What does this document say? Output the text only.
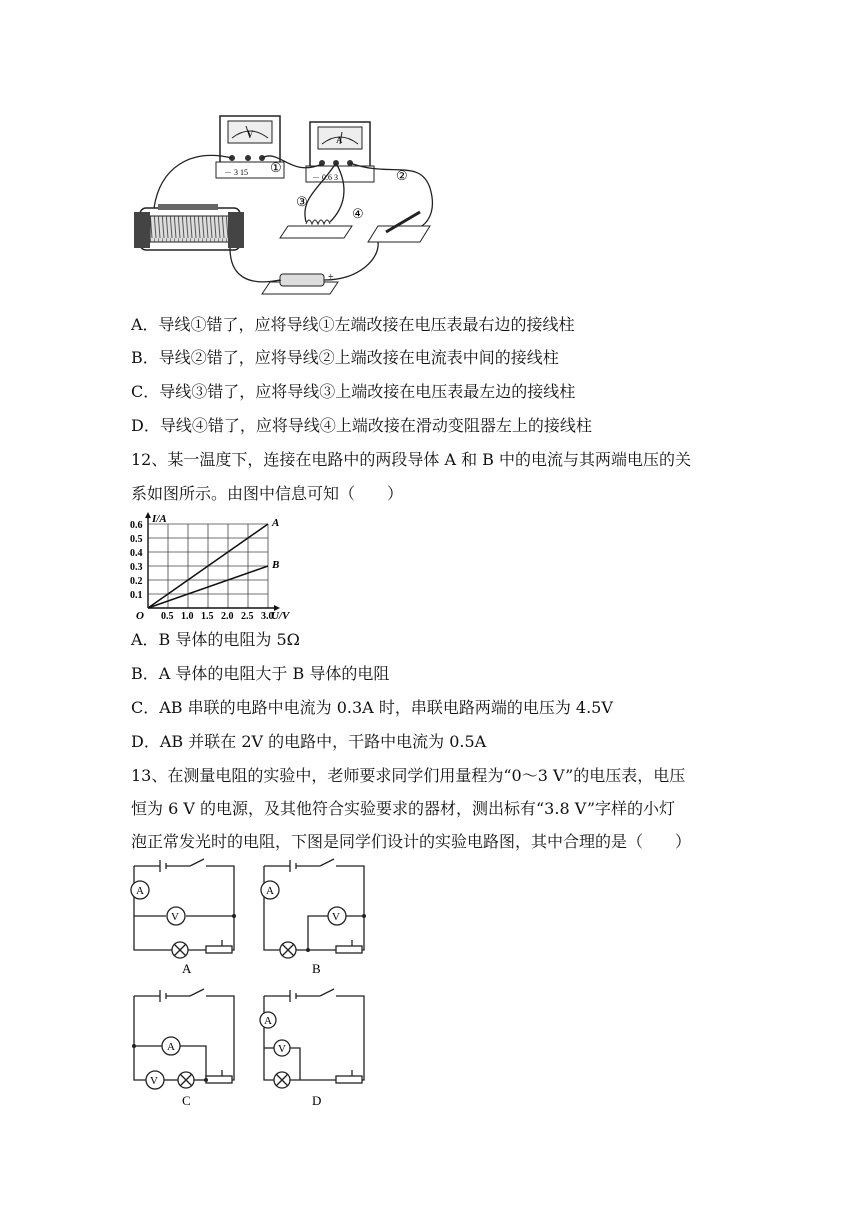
V
－ 3 15
A
－ 0.6 3
−	+
①
②
③
④
A．导线①错了，应将导线①左端改接在电压表最右边的接线柱
B．导线②错了，应将导线②上端改接在电流表中间的接线柱
C．导线③错了，应将导线③上端改接在电压表最左边的接线柱
D．导线④错了，应将导线④上端改接在滑动变阻器左上的接线柱
12、某一温度下，连接在电路中的两段导体 A 和 B 中的电流与其两端电压的关
系如图所示。由图中信息可知（　　）
0.5 1.0 1.5 2.0 2.5 3.0
0.1
0.2
0.3
0.4
0.5
0.6
O
I/A
U/V
A
B
A．B 导体的电阻为 5Ω
B．A 导体的电阻大于 B 导体的电阻
C．AB 串联的电路中电流为 0.3A 时，串联电路两端的电压为 4.5V
D．AB 并联在 2V 的电路中，干路中电流为 0.5A
13、在测量电阻的实验中，老师要求同学们用量程为“0～3 V”的电压表，电压
恒为 6 V 的电源，及其他符合实验要求的器材，测出标有“3.8 V”字样的小灯
泡正常发光时的电阻，下图是同学们设计的实验电路图，其中合理的是（　　）
A
V
A
A
V
B
A
V
C
A
V
D
